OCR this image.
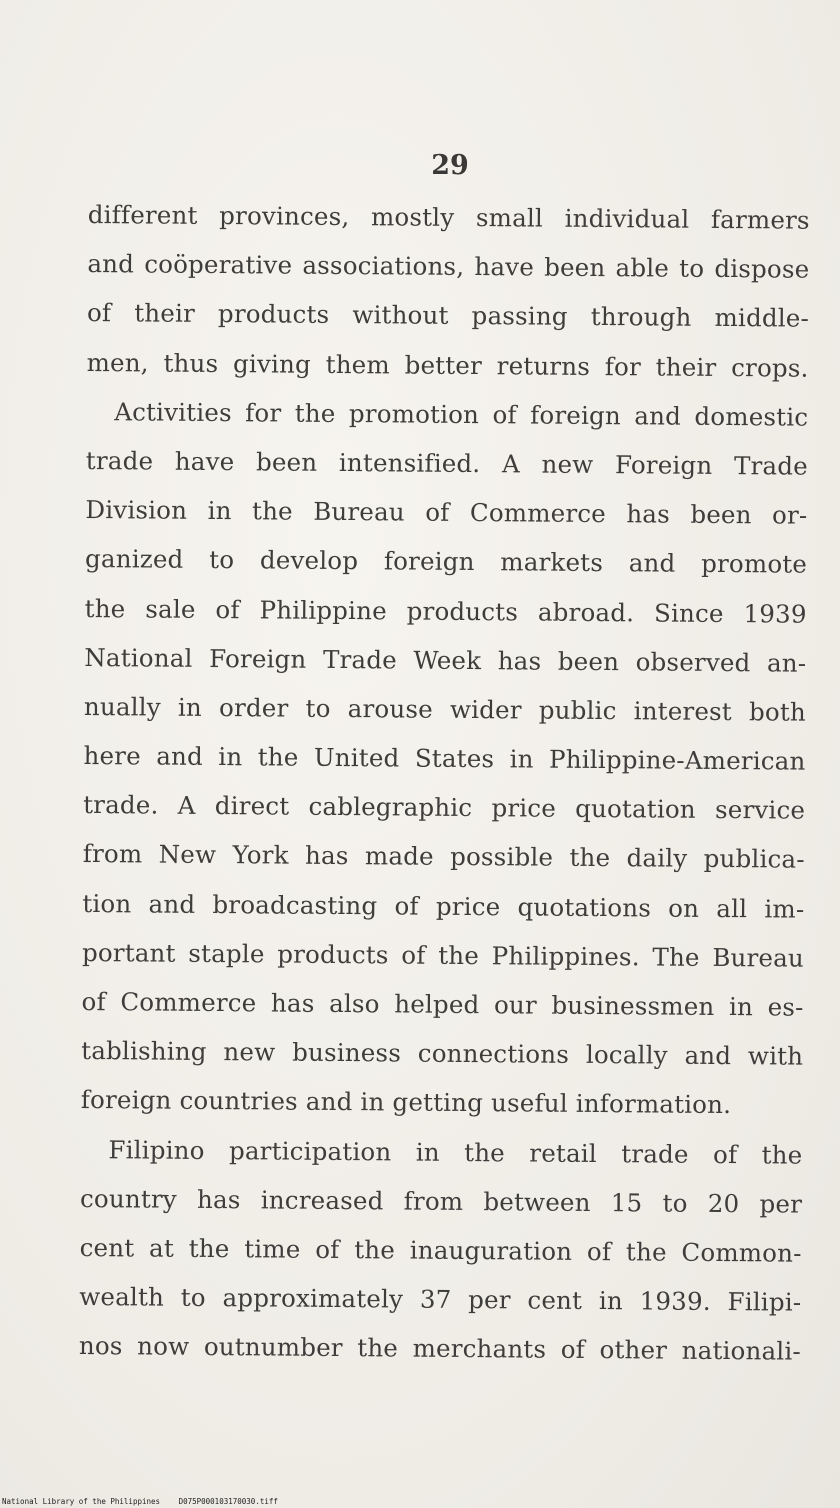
29
different provinces, mostly small individual farmers
and coöperative associations, have been able to dispose
of their products without passing through middle-
men, thus giving them better returns for their crops.
Activities for the promotion of foreign and domestic
trade have been intensified. A new Foreign Trade
Division in the Bureau of Commerce has been or-
ganized to develop foreign markets and promote
the sale of Philippine products abroad. Since 1939
National Foreign Trade Week has been observed an-
nually in order to arouse wider public interest both
here and in the United States in Philippine-American
trade. A direct cablegraphic price quotation service
from New York has made possible the daily publica-
tion and broadcasting of price quotations on all im-
portant staple products of the Philippines. The Bureau
of Commerce has also helped our businessmen in es-
tablishing new business connections locally and with
foreign countries and in getting useful information.
Filipino participation in the retail trade of the
country has increased from between 15 to 20 per
cent at the time of the inauguration of the Common-
wealth to approximately 37 per cent in 1939. Filipi-
nos now outnumber the merchants of other nationali-
National Library of the Philippines D075P000103170030.tiff
